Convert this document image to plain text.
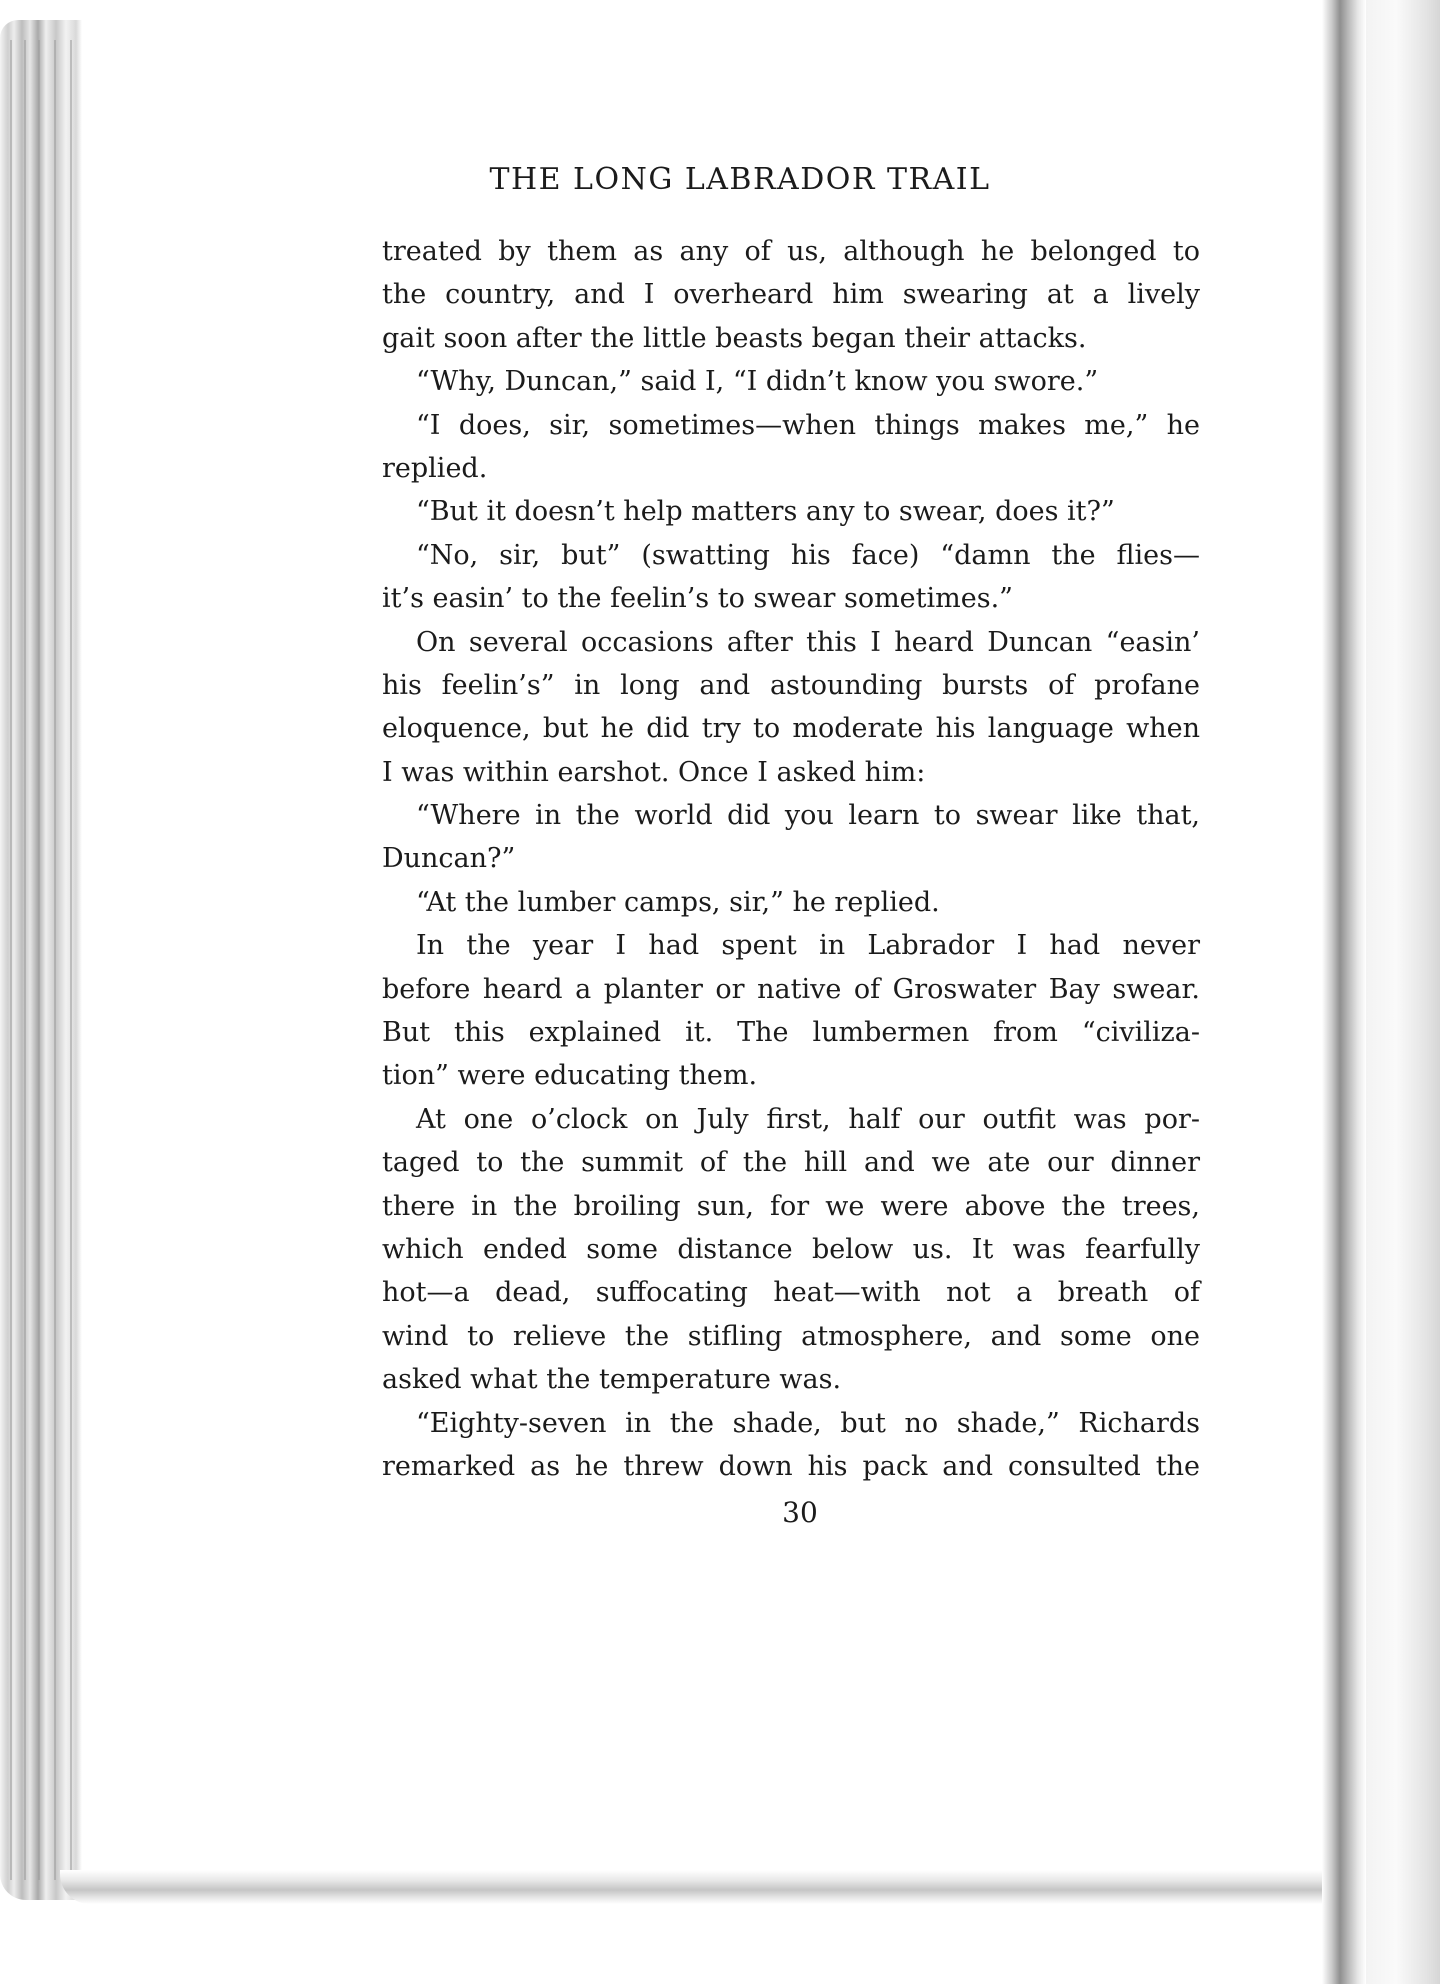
THE LONG LABRADOR TRAIL
treated by them as any of us, although he belonged to
the country, and I overheard him swearing at a lively
gait soon after the little beasts began their attacks.
“Why, Duncan,” said I, “I didn’t know you swore.”
“I does, sir, sometimes—when things makes me,” he
replied.
“But it doesn’t help matters any to swear, does it?”
“No, sir, but” (swatting his face) “damn the flies—
it’s easin’ to the feelin’s to swear sometimes.”
On several occasions after this I heard Duncan “easin’
his feelin’s” in long and astounding bursts of profane
eloquence, but he did try to moderate his language when
I was within earshot. Once I asked him:
“Where in the world did you learn to swear like that,
Duncan?”
“At the lumber camps, sir,” he replied.
In the year I had spent in Labrador I had never
before heard a planter or native of Groswater Bay swear.
But this explained it. The lumbermen from “civiliza-
tion” were educating them.
At one o’clock on July first, half our outfit was por-
taged to the summit of the hill and we ate our dinner
there in the broiling sun, for we were above the trees,
which ended some distance below us. It was fearfully
hot—a dead, suffocating heat—with not a breath of
wind to relieve the stifling atmosphere, and some one
asked what the temperature was.
“Eighty-seven in the shade, but no shade,” Richards
remarked as he threw down his pack and consulted the
30
